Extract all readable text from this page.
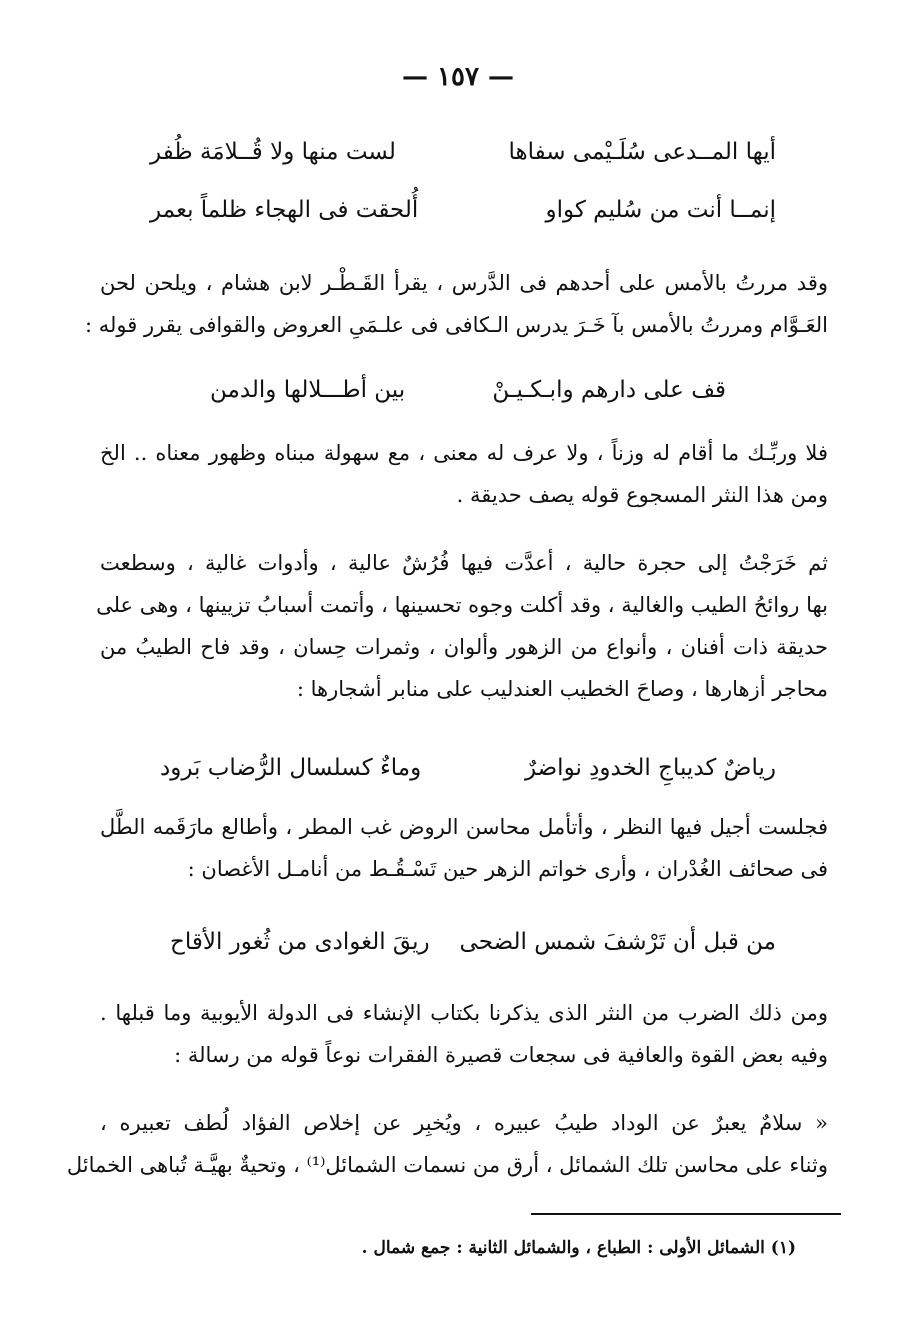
— ١٥٧ —
أيها المــدعى سُلَـيْمى سفاها
لست منها ولا قُــلامَة ظُفر
إنمــا أنت من سُليم كواو
أُلحقت فى الهجاء ظلماً بعمر
وقد مررتُ بالأمس على أحدهم فى الدَّرس ، يقرأ القَـطْـر لابن هشام ، ويلحن لحن
العَـوَّام ومررتُ بالأمس بآ خَـرَ يدرس الـكافى فى علـمَىِ العروض والقوافى يقرر قوله :
قف على دارهم وابـكـيـنْ
بين أطـــلالها والدمن
فلا وربِّـك ما أقام له وزناً ، ولا عرف له معنى ، مع سهولة مبناه وظهور معناه .. الخ
ومن هذا النثر المسجوع قوله يصف حديقة .
ثم خَرَجْتُ إلى حجرة حالية ، أعدَّت فيها فُرُشٌ عالية ، وأدوات غالية ، وسطعت
بها روائحُ الطيب والغالية ، وقد أكلت وجوه تحسينها ، وأتمت أسبابُ تزيينها ، وهى على
حديقة ذات أفنان ، وأنواع من الزهور وألوان ، وثمرات حِسان ، وقد فاح الطيبُ من
محاجر أزهارها ، وصاحَ الخطيب العندليب على منابر أشجارها :
رياضٌ كديباجِ الخدودِ نواضرٌ
وماءٌ كسلسال الرُّضاب بَرود
فجلست أجيل فيها النظر ، وأتأمل محاسن الروض غب المطر ، وأطالع مارَقَمه الطَّل
فى صحائف الغُدْران ، وأرى خواتم الزهر حين تَسْـقُـط من أنامـل الأغصان :
من قبل أن تَرْشفَ شمس الضحى
ريقَ الغوادى من ثُغور الأقاح
ومن ذلك الضرب من النثر الذى يذكرنا بكتاب الإنشاء فى الدولة الأيوبية وما قبلها .
وفيه بعض القوة والعافية فى سجعات قصيرة الفقرات نوعاً قوله من رسالة :
« سلامٌ يعبرٌ عن الوداد طيبُ عبيره ، ويُخبِر عن إخلاص الفؤاد لُطف تعبيره ،
وثناء على محاسن تلك الشمائل ، أرق من نسمات الشمائل⁽¹⁾ ، وتحيةٌ بهيَّـة تُباهى الخمائل
(١) الشمائل الأولى : الطباع ، والشمائل الثانية : جمع شمال .
